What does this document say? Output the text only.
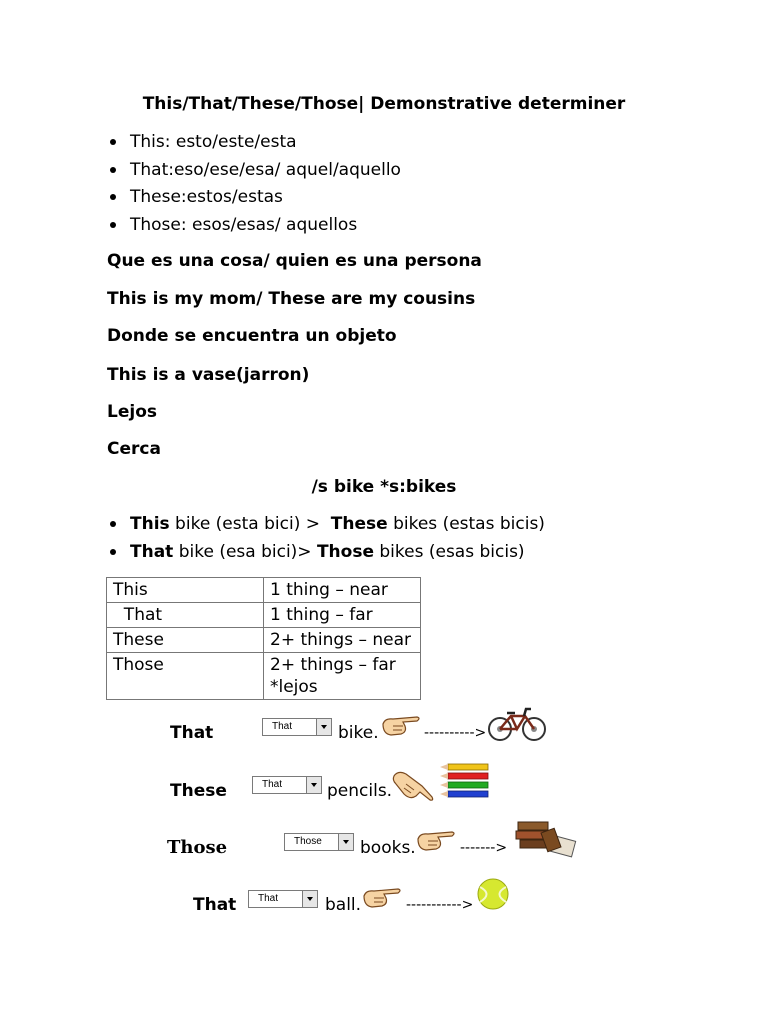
This/That/These/Those| Demonstrative determiner
This: esto/este/esta
That:eso/ese/esa/ aquel/aquello
These:estos/estas
Those: esos/esas/ aquellos
Que es una cosa/ quien es una persona
This is my mom/ These are my cousins
Donde se encuentra un objeto
This is a vase(jarron)
Lejos
Cerca
/s bike *s:bikes
This bike (esta bici) >  These bikes (estas bicis)
That bike (esa bici)> Those bikes (esas bicis)
This	1 thing – near
That	1 thing – far
These	2+ things – near
Those	2+ things – far
*lejos
That	That	bike.	---------->
These	That	pencils.
Those	Those books.	------->
That That	ball.	----------->
